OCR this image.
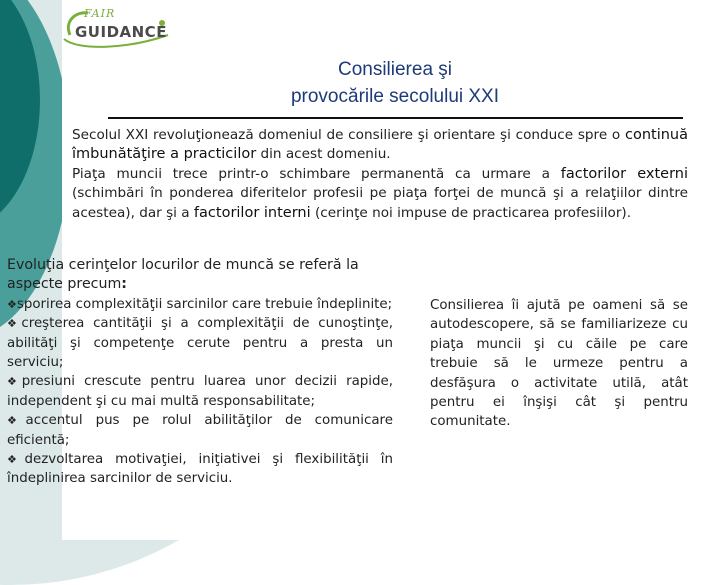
FAIR
GUIDANCE
Consilierea şi
provocările secolului XXI
Secolul XXI revoluţionează domeniul de consiliere şi orientare şi conduce spre o continuă îmbunătăţire a practicilor din acest domeniu.
Piaţa muncii trece printr-o schimbare permanentă ca urmare a factorilor externi (schimbări în ponderea diferitelor profesii pe piaţa forţei de muncă şi a relaţiilor dintre acestea), dar şi a factorilor interni (cerinţe noi impuse de practicarea profesiilor).
Evoluţia cerinţelor locurilor de muncă se referă la aspecte precum:
❖sporirea complexităţii sarcinilor care trebuie îndeplinite;
❖creşterea cantităţii şi a complexităţii de cunoştinţe, abilităţi şi competenţe cerute pentru a presta un serviciu;
❖presiuni crescute pentru luarea unor decizii rapide, independent şi cu mai multă responsabilitate;
❖accentul pus pe rolul abilităţilor de comunicare eficientă;
❖dezvoltarea motivaţiei, iniţiativei şi flexibilităţii în îndeplinirea sarcinilor de serviciu.
Consilierea îi ajută pe oameni să se autodescopere, să se familiarizeze cu piaţa muncii şi cu căile pe care trebuie să le urmeze pentru a desfăşura o activitate utilă, atât pentru ei înşişi cât şi pentru comunitate.
